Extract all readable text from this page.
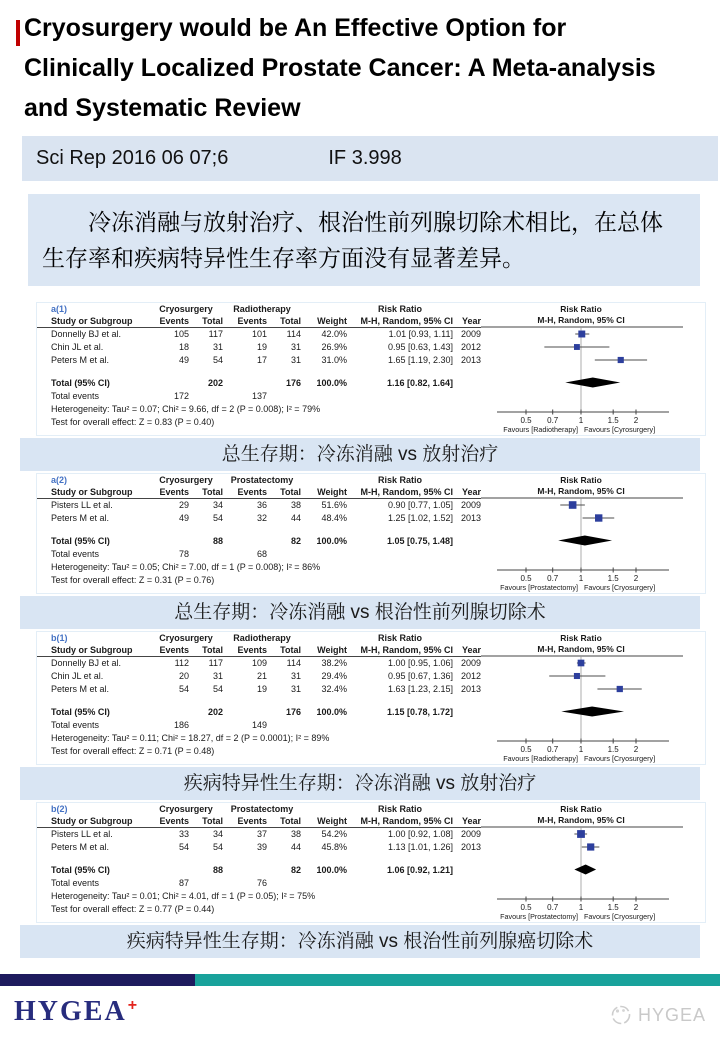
Cryosurgery would be An Effective Option for
Clinically Localized Prostate Cancer: A Meta-analysis
and Systematic Review
Sci Rep 2016 06 07;6	IF 3.998
冷冻消融与放射治疗、根治性前列腺切除术相比，在总体
生存率和疾病特异性生存率方面没有显著差异。
a(1)	Cryosurgery	Radiotherapy	Risk Ratio
Study or Subgroup	Events	Total	Events	Total	Weight	M-H, Random, 95% CI Year
Donnelly BJ et al.	105	117	101	114	42.0%	1.01 [0.93, 1.11] 2009
Chin JL et al.	18	31	19	31	26.9%	0.95 [0.63, 1.43] 2012
Peters M et al.	49	54	17	31	31.0%	1.65 [1.19, 2.30] 2013
Total (95% CI)	202	176	100.0%	1.16 [0.82, 1.64]
Total events	172	137
Heterogeneity: Tau² = 0.07; Chi² = 9.66, df = 2 (P = 0.008); I² = 79%
Test for overall effect: Z = 0.83 (P = 0.40)
Risk Ratio
M-H, Random, 95% CI
0.5 0.7	1	1.5 2
Favours [Radiotherapy] Favours [Cyrosurgery]
总生存期：冷冻消融 vs 放射治疗
a(2)	Cryosurgery	Prostatectomy	Risk Ratio
Study or Subgroup	Events	Total	Events	Total	Weight	M-H, Random, 95% CI Year
Pisters LL et al.	29	34	36	38	51.6%	0.90 [0.77, 1.05] 2009
Peters M et al.	49	54	32	44	48.4%	1.25 [1.02, 1.52] 2013
Total (95% CI)	88	82	100.0%	1.05 [0.75, 1.48]
Total events	78	68
Heterogeneity: Tau² = 0.05; Chi² = 7.00, df = 1 (P = 0.008); I² = 86%
Test for overall effect: Z = 0.31 (P = 0.76)
Risk Ratio
M-H, Random, 95% CI
0.5 0.7	1	1.5 2
Favours [Prostatectomy] Favours [Cryosurgery]
总生存期：冷冻消融 vs 根治性前列腺切除术
b(1)	Cryosurgery	Radiotherapy	Risk Ratio
Study or Subgroup	Events	Total	Events	Total	Weight	M-H, Random, 95% CI Year
Donnelly BJ et al.	112	117	109	114	38.2%	1.00 [0.95, 1.06] 2009
Chin JL et al.	20	31	21	31	29.4%	0.95 [0.67, 1.36] 2012
Peters M et al.	54	54	19	31	32.4%	1.63 [1.23, 2.15] 2013
Total (95% CI)	202	176	100.0%	1.15 [0.78, 1.72]
Total events	186	149
Heterogeneity: Tau² = 0.11; Chi² = 18.27, df = 2 (P = 0.0001); I² = 89%
Test for overall effect: Z = 0.71 (P = 0.48)
Risk Ratio
M-H, Random, 95% CI
0.5 0.7	1	1.5 2
Favours [Radiotherapy] Favours [Cryosurgery]
疾病特异性生存期：冷冻消融 vs 放射治疗
b(2)	Cryosurgery	Prostatectomy	Risk Ratio
Study or Subgroup	Events	Total	Events	Total	Weight	M-H, Random, 95% CI Year
Pisters LL et al.	33	34	37	38	54.2%	1.00 [0.92, 1.08] 2009
Peters M et al.	54	54	39	44	45.8%	1.13 [1.01, 1.26] 2013
Total (95% CI)	88	82	100.0%	1.06 [0.92, 1.21]
Total events	87	76
Heterogeneity: Tau² = 0.01; Chi² = 4.01, df = 1 (P = 0.05); I² = 75%
Test for overall effect: Z = 0.77 (P = 0.44)
Risk Ratio
M-H, Random, 95% CI
0.5 0.7	1	1.5 2
Favours [Prostatectomy] Favours [Cryosurgery]
疾病特异性生存期：冷冻消融 vs 根治性前列腺癌切除术
HYGEA+	HYGEA
